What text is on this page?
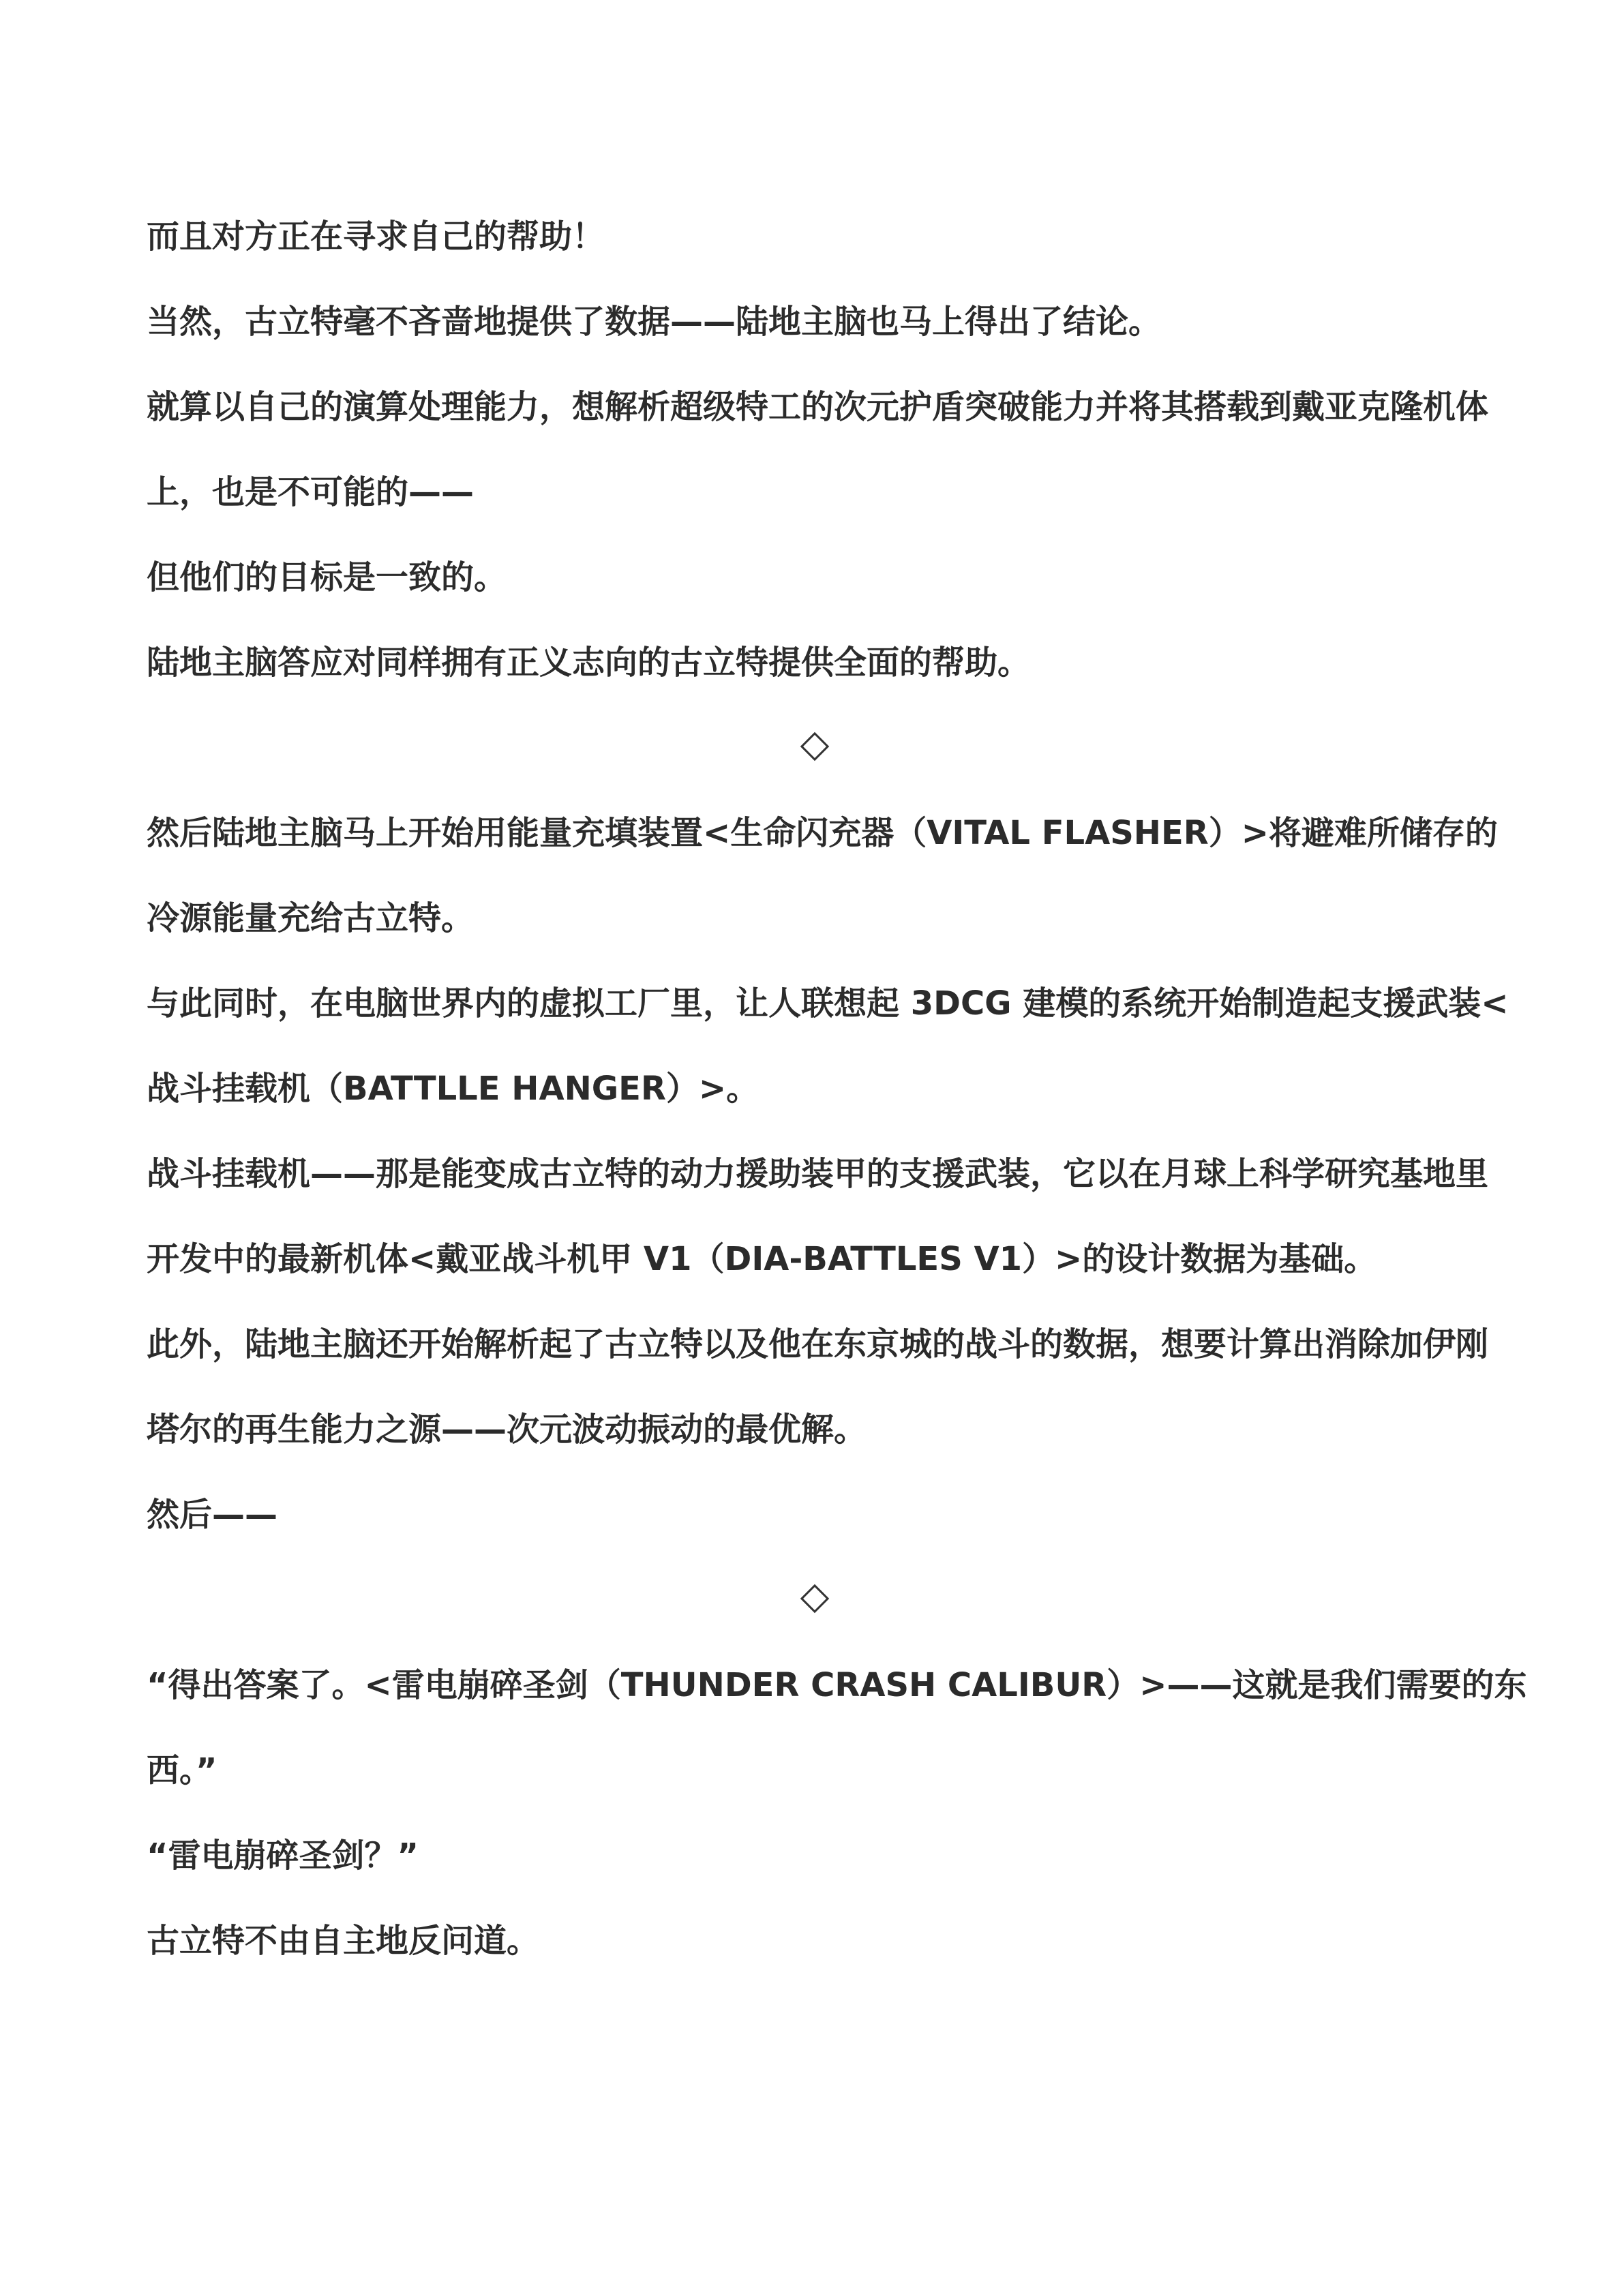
而且对方正在寻求自己的帮助！
当然，古立特毫不吝啬地提供了数据——陆地主脑也马上得出了结论。
就算以自己的演算处理能力，想解析超级特工的次元护盾突破能力并将其搭载到戴亚克隆机体
上，也是不可能的——
但他们的目标是一致的。
陆地主脑答应对同样拥有正义志向的古立特提供全面的帮助。
然后陆地主脑马上开始用能量充填装置<生命闪充器（VITAL FLASHER）>将避难所储存的
冷源能量充给古立特。
与此同时，在电脑世界内的虚拟工厂里，让人联想起 3DCG 建模的系统开始制造起支援武装<
战斗挂载机（BATTLLE HANGER）>。
战斗挂载机——那是能变成古立特的动力援助装甲的支援武装，它以在月球上科学研究基地里
开发中的最新机体<戴亚战斗机甲 V1（DIA-BATTLES V1）>的设计数据为基础。
此外，陆地主脑还开始解析起了古立特以及他在东京城的战斗的数据，想要计算出消除加伊刚
塔尔的再生能力之源——次元波动振动的最优解。
然后——
“得出答案了。<雷电崩碎圣剑（THUNDER CRASH CALIBUR）>——这就是我们需要的东
西。”
“雷电崩碎圣剑？”
古立特不由自主地反问道。
